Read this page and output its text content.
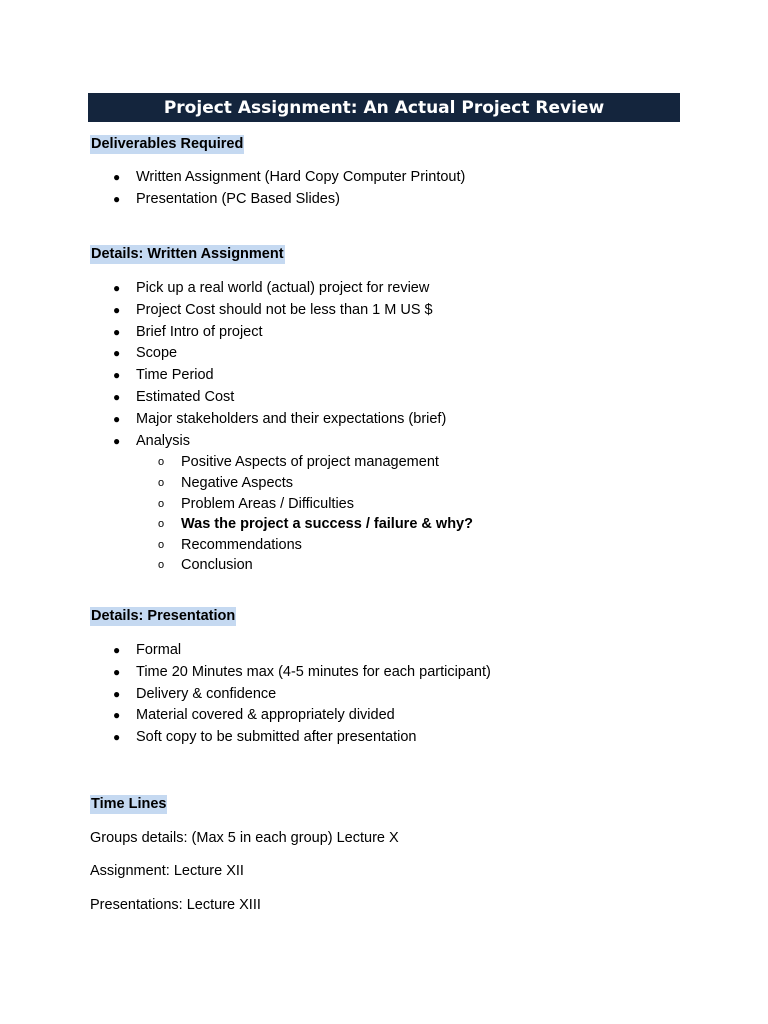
Project Assignment: An Actual Project Review
Deliverables Required
● Written Assignment (Hard Copy Computer Printout)
● Presentation (PC Based Slides)
Details: Written Assignment
● Pick up a real world (actual) project for review
● Project Cost should not be less than 1 M US $
● Brief Intro of project
● Scope
● Time Period
● Estimated Cost
● Major stakeholders and their expectations (brief)
● Analysis
o Positive Aspects of project management
o Negative Aspects
o Problem Areas / Difficulties
o Was the project a success / failure & why?
o Recommendations
o Conclusion
Details: Presentation
● Formal
● Time 20 Minutes max (4-5 minutes for each participant)
● Delivery & confidence
● Material covered & appropriately divided
● Soft copy to be submitted after presentation
Time Lines
Groups details: (Max 5 in each group) Lecture X
Assignment: Lecture XII
Presentations: Lecture XIII
